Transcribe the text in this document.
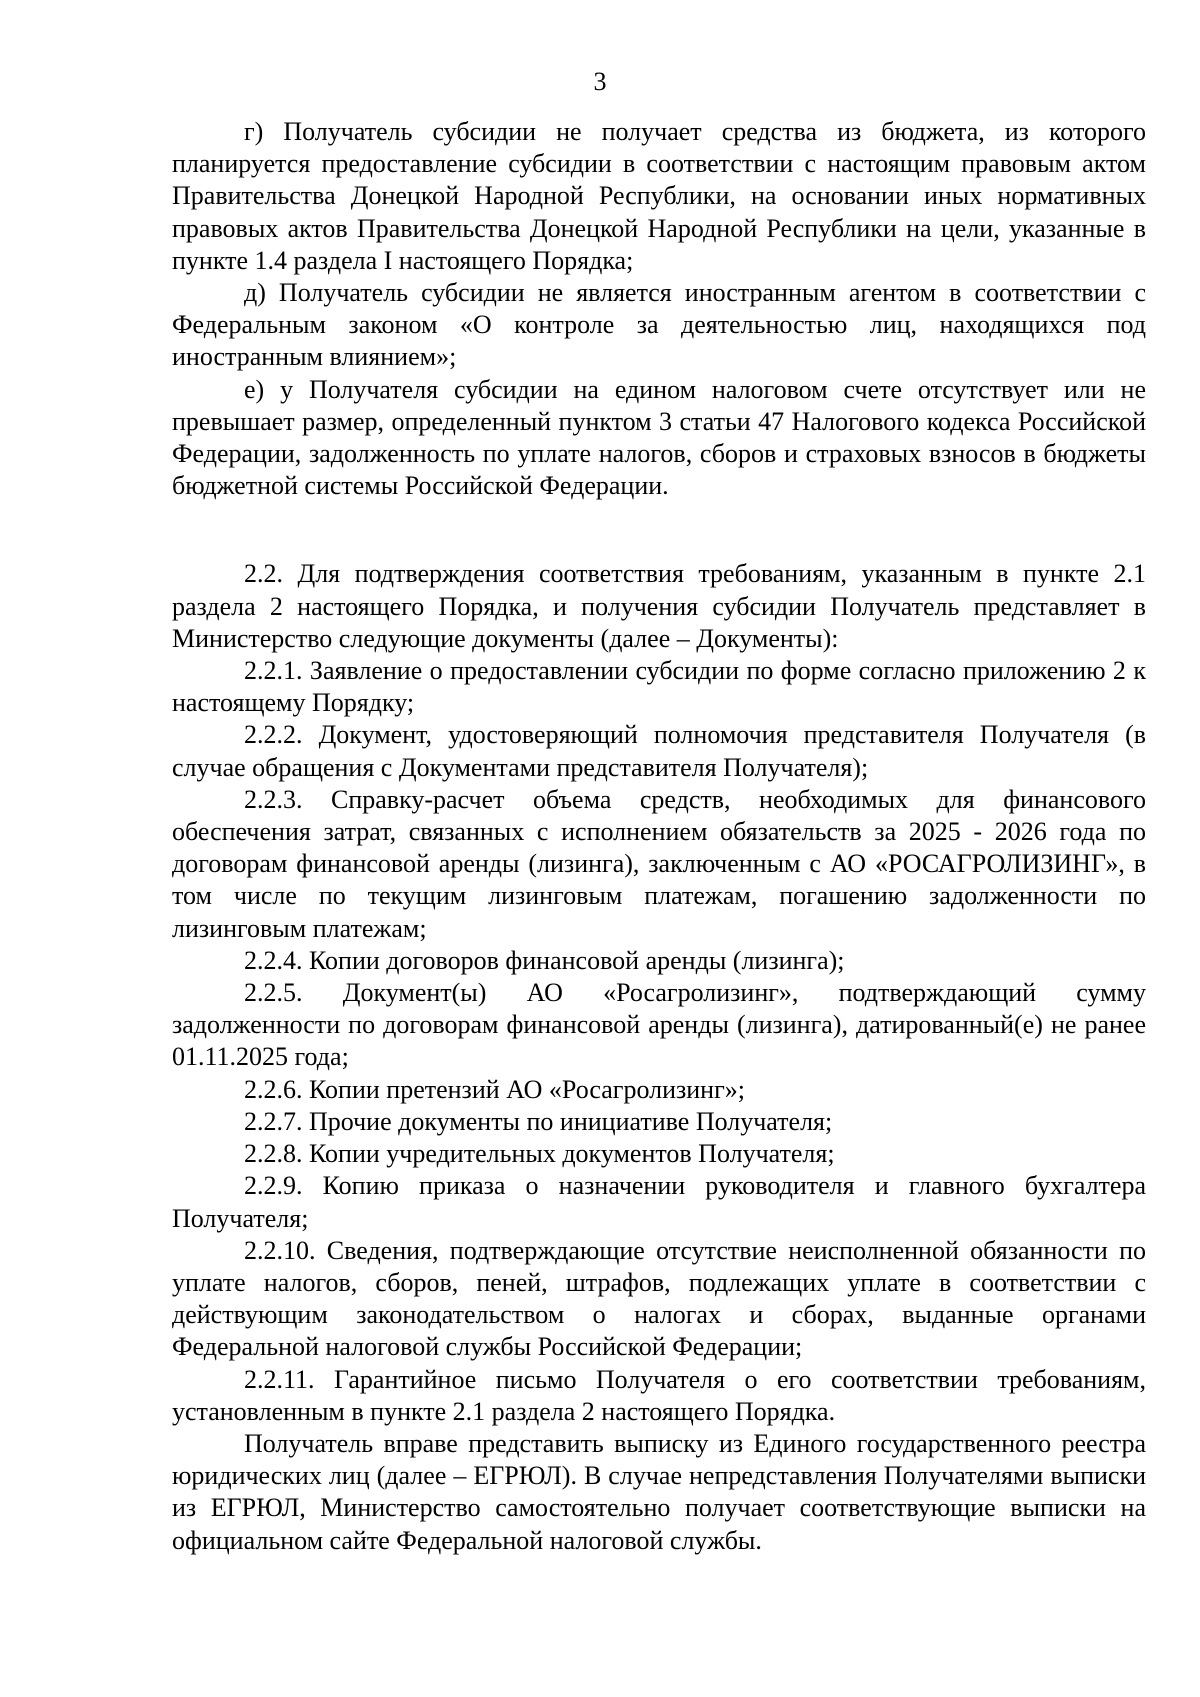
3

г) Получатель субсидии не получает средства из бюджета, из которого планируется предоставление субсидии в соответствии с настоящим правовым актом Правительства Донецкой Народной Республики, на основании иных нормативных правовых актов Правительства Донецкой Народной Республики на цели, указанные в пункте 1.4 раздела I настоящего Порядка;

д) Получатель субсидии не является иностранным агентом в соответствии с Федеральным законом «О контроле за деятельностью лиц, находящихся под иностранным влиянием»;

е) у Получателя субсидии на едином налоговом счете отсутствует или не превышает размер, определенный пунктом 3 статьи 47 Налогового кодекса Российской Федерации, задолженность по уплате налогов, сборов и страховых взносов в бюджеты бюджетной системы Российской Федерации.

2.2. Для подтверждения соответствия требованиям, указанным в пункте 2.1 раздела 2 настоящего Порядка, и получения субсидии Получатель представляет в Министерство следующие документы (далее – Документы):

2.2.1. Заявление о предоставлении субсидии по форме согласно приложению 2 к настоящему Порядку;

2.2.2. Документ, удостоверяющий полномочия представителя Получателя (в случае обращения с Документами представителя Получателя);

2.2.3. Справку-расчет объема средств, необходимых для финансового обеспечения затрат, связанных с исполнением обязательств за 2025 - 2026 года по договорам финансовой аренды (лизинга), заключенным с АО «РОСАГРОЛИЗИНГ», в том числе по текущим лизинговым платежам, погашению задолженности по лизинговым платежам;

2.2.4. Копии договоров финансовой аренды (лизинга);

2.2.5. Документ(ы) АО «Росагролизинг», подтверждающий сумму задолженности по договорам финансовой аренды (лизинга), датированный(е) не ранее 01.11.2025 года;

2.2.6. Копии претензий АО «Росагролизинг»;

2.2.7. Прочие документы по инициативе Получателя;

2.2.8. Копии учредительных документов Получателя;

2.2.9. Копию приказа о назначении руководителя и главного бухгалтера Получателя;

2.2.10. Сведения, подтверждающие отсутствие неисполненной обязанности по уплате налогов, сборов, пеней, штрафов, подлежащих уплате в соответствии с действующим законодательством о налогах и сборах, выданные органами Федеральной налоговой службы Российской Федерации;

2.2.11. Гарантийное письмо Получателя о его соответствии требованиям, установленным в пункте 2.1 раздела 2 настоящего Порядка.

Получатель вправе представить выписку из Единого государственного реестра юридических лиц (далее – ЕГРЮЛ). В случае непредставления Получателями выписки из ЕГРЮЛ, Министерство самостоятельно получает соответствующие выписки на официальном сайте Федеральной налоговой службы.
